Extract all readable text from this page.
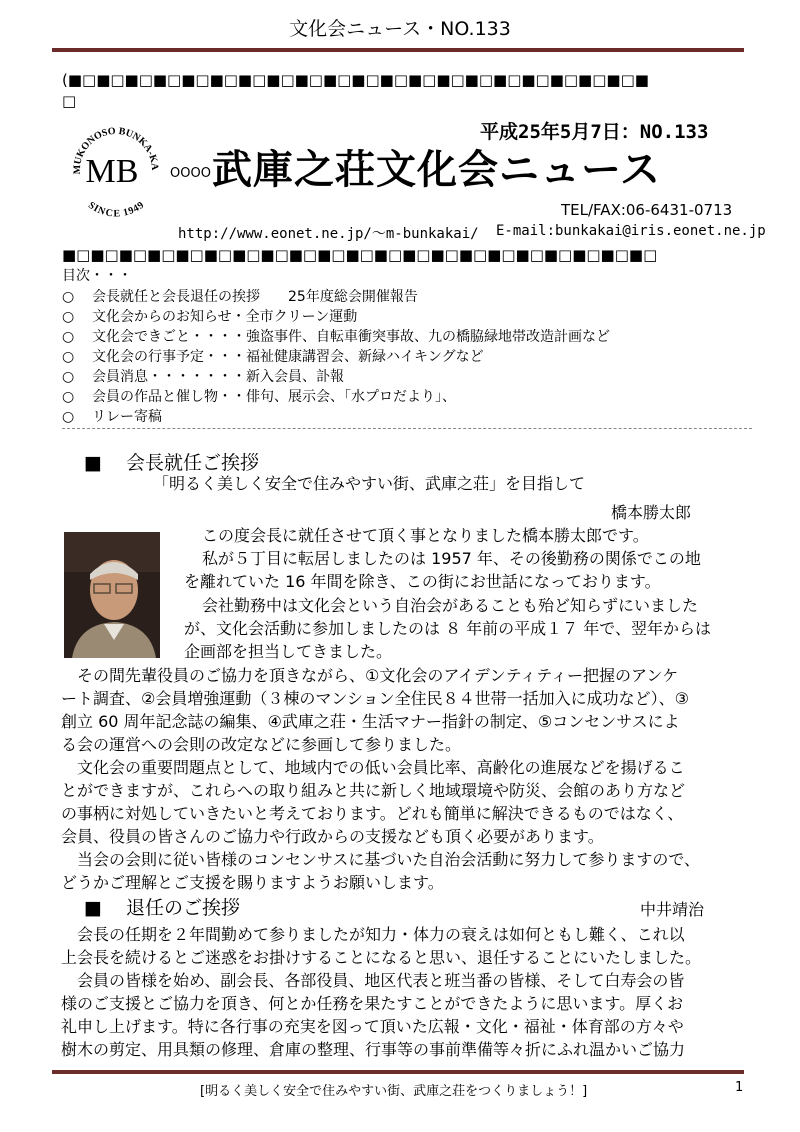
文化会ニュース・NO.133
(■□■□■□■□■□■□■□■□■□■□■□■□■□■□■□■□■□■□■□■□■
□
平成25年5月7日：NO.133
MUKONOSO BUNKA-KA
MB
SINCE 1949
OOOO 武庫之荘文化会ニュース
TEL/FAX:06-6431-0713
http://www.eonet.ne.jp/～m-bunkakai/ E-mail:bunkakai@iris.eonet.ne.jp
■□■□■□■□■□■□■□■□■□■□■□■□■□■□■□■□■□■□■□■□■□
目次・・・
○ 会長就任と会長退任の挨拶　　25年度総会開催報告
○ 文化会からのお知らせ・全市クリーン運動
○ 文化会できごと・・・・強盗事件、自転車衝突事故、九の橋脇緑地帯改造計画など
○ 文化会の行事予定・・・福祉健康講習会、新緑ハイキングなど
○ 会員消息・・・・・・・新入会員、訃報
○ 会員の作品と催し物・・俳句、展示会、「水プロだより」、
○ リレー寄稿
■ 会長就任ご挨拶
「明るく美しく安全で住みやすい街、武庫之荘」を目指して
橋本勝太郎
この度会長に就任させて頂く事となりました橋本勝太郎です。
私が５丁目に転居しましたのは 1957 年、その後勤務の関係でこの地
を離れていた 16 年間を除き、この街にお世話になっております。
会社勤務中は文化会という自治会があることも殆ど知らずにいました
が、文化会活動に参加しましたのは ８ 年前の平成１７ 年で、翌年からは
企画部を担当してきました。
その間先輩役員のご協力を頂きながら、①文化会のアイデンティティー把握のアンケ
ート調査、②会員増強運動（３棟のマンション全住民８４世帯一括加入に成功など）、③
創立 60 周年記念誌の編集、④武庫之荘・生活マナー指針の制定、⑤コンセンサスによ
る会の運営への会則の改定などに参画して参りました。
文化会の重要問題点として、地域内での低い会員比率、高齢化の進展などを揚げるこ
とができますが、これらへの取り組みと共に新しく地域環境や防災、会館のあり方など
の事柄に対処していきたいと考えております。どれも簡単に解決できるものではなく、
会員、役員の皆さんのご協力や行政からの支援なども頂く必要があります。
当会の会則に従い皆様のコンセンサスに基づいた自治会活動に努力して参りますので、
どうかご理解とご支援を賜りますようお願いします。
■ 退任のご挨拶	中井靖治
会長の任期を２年間勤めて参りましたが知力・体力の衰えは如何ともし難く、これ以
上会長を続けるとご迷惑をお掛けすることになると思い、退任することにいたしました。
会員の皆様を始め、副会長、各部役員、地区代表と班当番の皆様、そして白寿会の皆
様のご支援とご協力を頂き、何とか任務を果たすことができたように思います。厚くお
礼申し上げます。特に各行事の充実を図って頂いた広報・文化・福祉・体育部の方々や
樹木の剪定、用具類の修理、倉庫の整理、行事等の事前準備等々折にふれ温かいご協力
[明るく美しく安全で住みやすい街、武庫之荘をつくりましょう！]	1
